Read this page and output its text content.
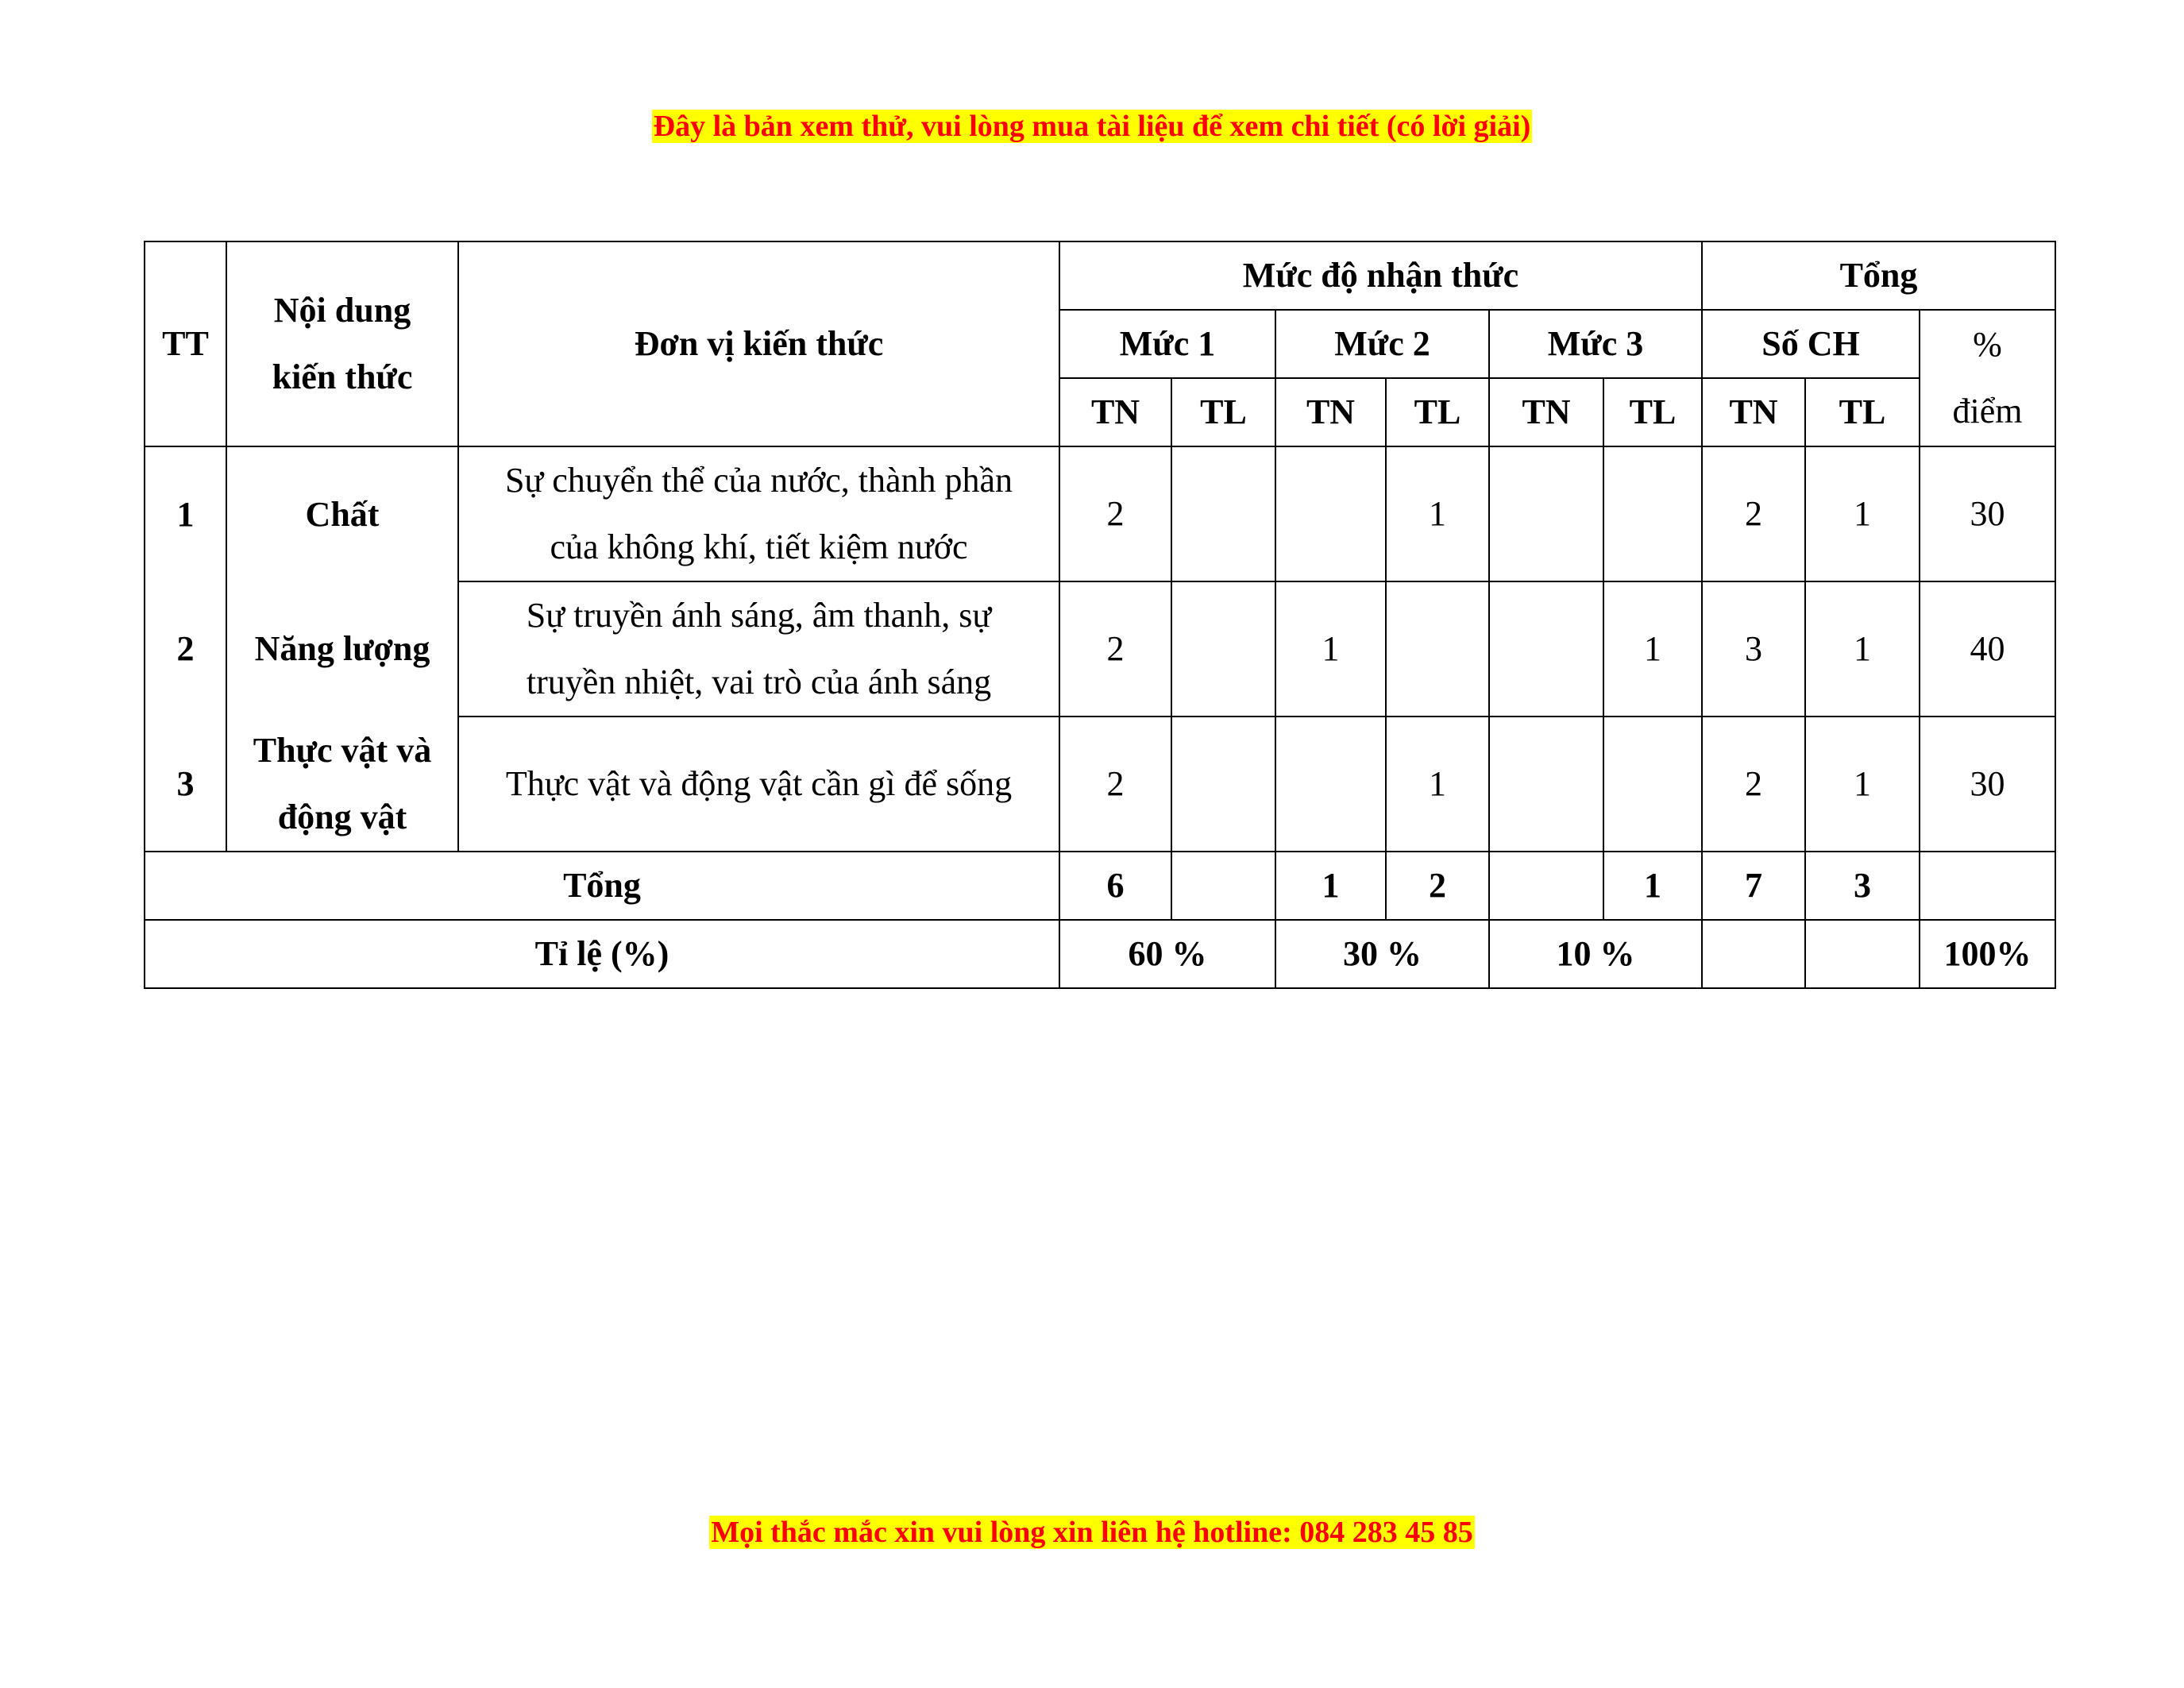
Đây là bản xem thử, vui lòng mua tài liệu để xem chi tiết (có lời giải)
TT	Nội dung kiến thức	Đơn vị kiến thức	Mức độ nhận thức						Tổng		
			Mức 1		Mức 2		Mức 3		Số CH		%
điểm

			TN	TL	TN	TL	TN	TL	TN	TL	
1	Chất	Sự chuyển thể của nước, thành phần
của không khí, tiết kiệm nước	2			1			2	1	30
2	Năng lượng	Sự truyền ánh sáng, âm thanh, sự
truyền nhiệt, vai trò của ánh sáng	2		1			1	3	1	40
3	Thực vật và
động vật	Thực vật và động vật cần gì để sống	2			1			2	1	30
Tổng			6		1	2		1	7	3	
Tỉ lệ (%)			60 %		30 %		10 %				100%
Mọi thắc mắc xin vui lòng xin liên hệ hotline: 084 283 45 85
